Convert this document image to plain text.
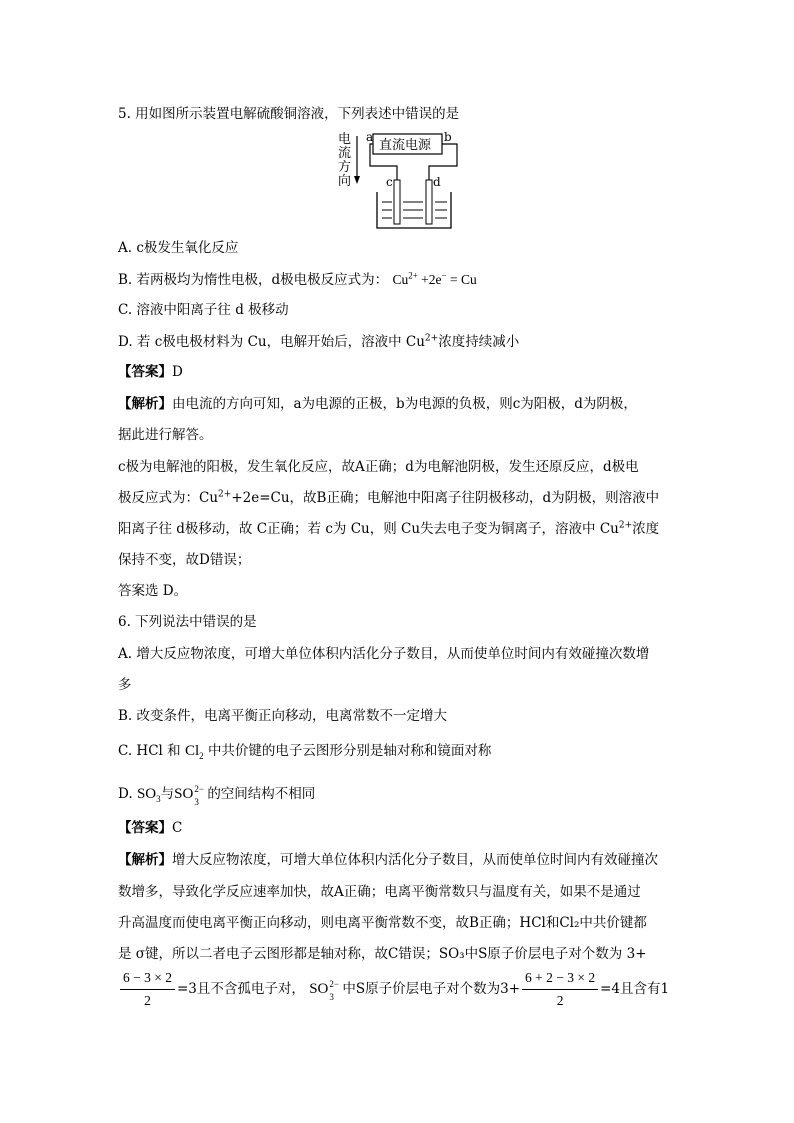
5. 用如图所示装置电解硫酸铜溶液，下列表述中错误的是
电
流
方
向
直流电源
a	b
c	d
A. c极发生氧化反应
B. 若两极均为惰性电极，d极电极反应式为： $Cu^{2+} +2e^- = Cu$
C. 溶液中阳离子往 d 极移动
D. 若 c极电极材料为 Cu，电解开始后，溶液中 $Cu^{2+}$浓度持续减小
【答案】D
【解析】由电流的方向可知，a为电源的正极，b为电源的负极，则c为阳极，d为阴极，
据此进行解答。
c极为电解池的阳极，发生氧化反应，故A正确；d为电解池阴极，发生还原反应，d极电
极反应式为：$Cu^{2+}+2e=Cu$，故B正确；电解池中阳离子往阴极移动，d为阴极，则溶液中
阳离子往 d极移动，故 C正确；若 c为 Cu，则 Cu失去电子变为铜离子，溶液中 $Cu^{2+}$浓度
保持不变，故D错误；
答案选 D。
6. 下列说法中错误的是
A. 增大反应物浓度，可增大单位体积内活化分子数目，从而使单位时间内有效碰撞次数增
多
B. 改变条件，电离平衡正向移动，电离常数不一定增大
C. HCl 和 $Cl_2$ 中共价键的电子云图形分别是轴对称和镜面对称
D. $SO_3$与SO 2−
3 的空间结构不相同
【答案】C
【解析】增大反应物浓度，可增大单位体积内活化分子数目，从而使单位时间内有效碰撞次
数增多，导致化学反应速率加快，故A正确；电离平衡常数只与温度有关，如果不是通过
升高温度而使电离平衡正向移动，则电离平衡常数不变，故B正确；HCl和Cl₂中共价键都
是 σ键，所以二者电子云图形都是轴对称，故C错误；SO₃中S原子价层电子对个数为 3+
$\frac{6 - 3 \times 2}{2} =3$且不含孤电子对， SO 2−
3 中S原子价层电子对个数为$3+ \frac{6 + 2 - 3 \times 2}{2} =4$且含有1
